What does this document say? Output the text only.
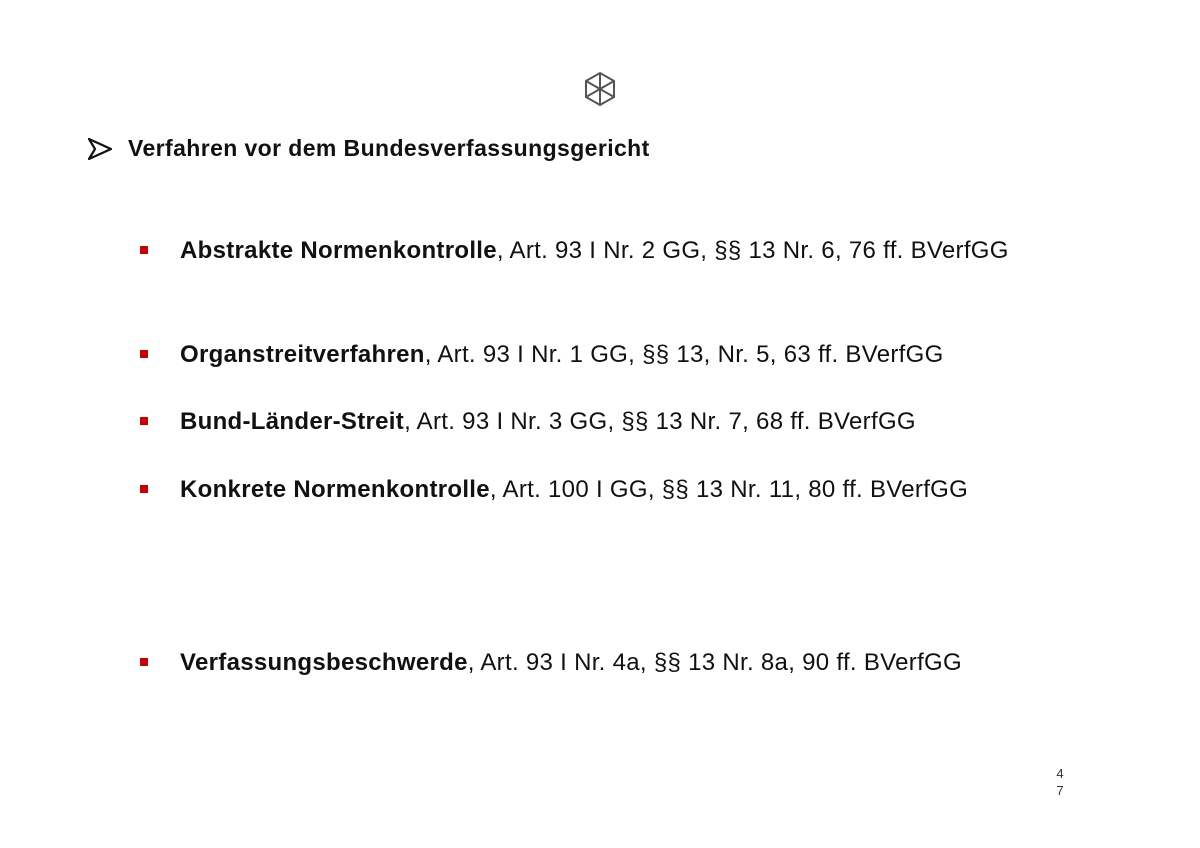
Verfahren vor dem Bundesverfassungsgericht
Abstrakte Normenkontrolle, Art. 93 I Nr. 2 GG, §§ 13 Nr. 6, 76 ff. BVerfGG
Organstreitverfahren, Art. 93 I Nr. 1 GG, §§ 13, Nr. 5, 63 ff. BVerfGG
Bund-Länder-Streit, Art. 93 I Nr. 3 GG, §§ 13 Nr. 7, 68 ff. BVerfGG
Konkrete Normenkontrolle, Art. 100 I GG, §§ 13 Nr. 11, 80 ff. BVerfGG
Verfassungsbeschwerde, Art. 93 I Nr. 4a, §§ 13 Nr. 8a, 90 ff. BVerfGG
4
7
